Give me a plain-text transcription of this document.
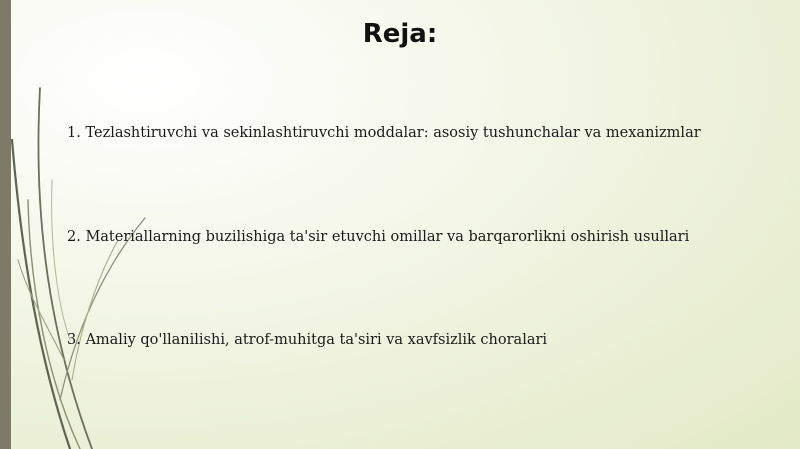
Reja:

1. Tezlashtiruvchi va sekinlashtiruvchi moddalar: asosiy tushunchalar va mexanizmlar

2. Materiallarning buzilishiga ta'sir etuvchi omillar va barqarorlikni oshirish usullari

3. Amaliy qo'llanilishi, atrof-muhitga ta'siri va xavfsizlik choralari
